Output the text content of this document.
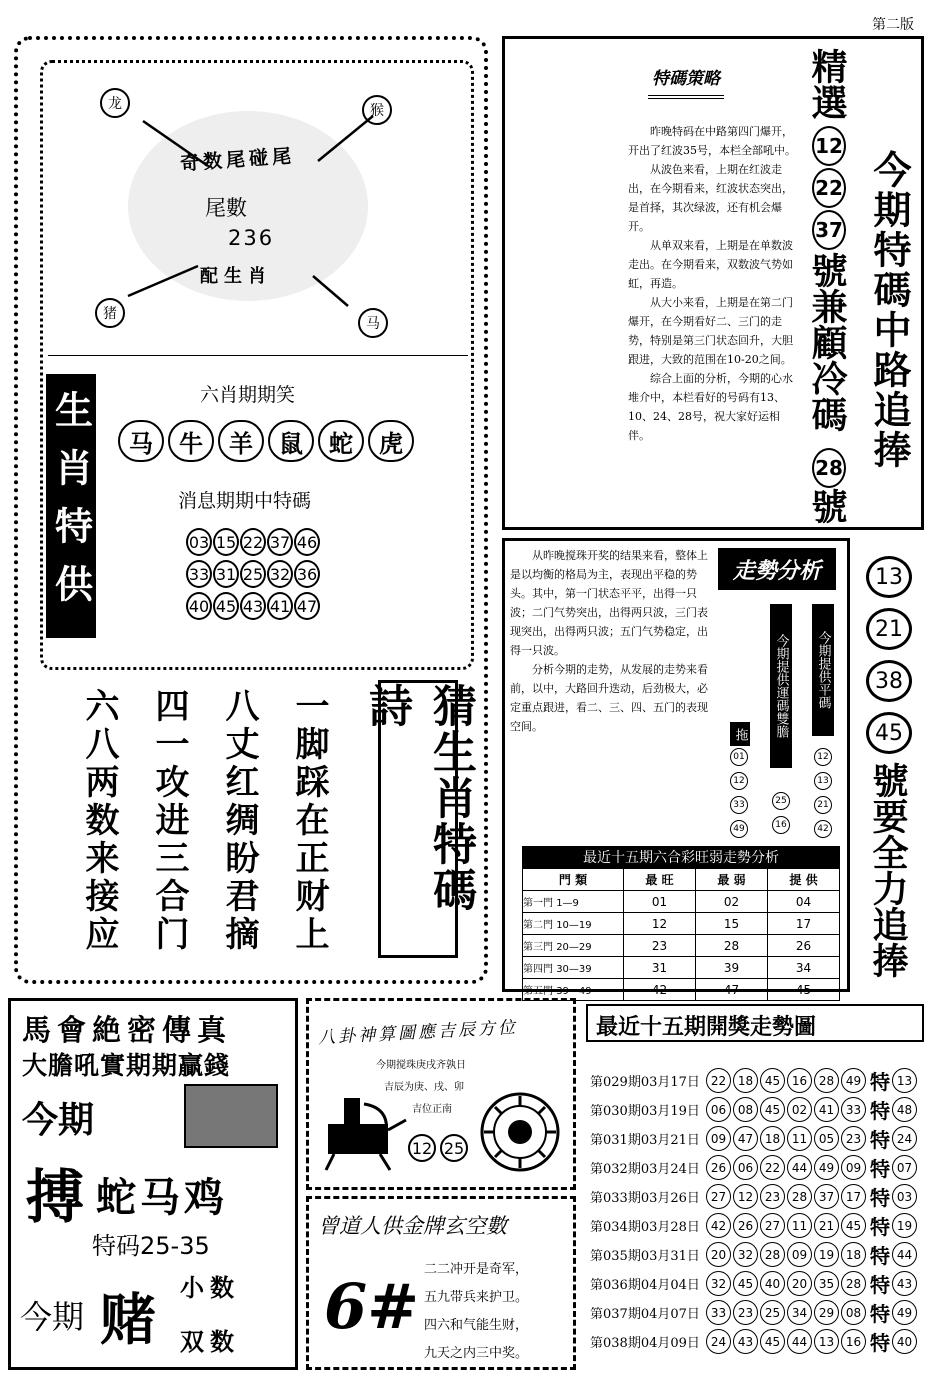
第二版
龙	猴
猪
马
奇数尾碰尾
尾數
236
配生肖
生肖特供	六肖期期笑
马	牛	羊	鼠	蛇	虎
消息期期中特碼
03 15 22 37 46
33 31 25 32 36
40 45 43 41 47
一脚踩在正财上
八丈红绸盼君摘
四一攻进三合门
六八两数来接应	猜生肖特碼詩
特碼策略

昨晚特码在中路第四门爆开，开出了红波35号，本栏全部吼中。

从波色来看，上期在红波走出，在今期看来，红波状态突出，是首择，其次绿波，还有机会爆开。

从单双来看，上期是在单数波走出。在今期看来，双数波气势如虹，再造。

从大小来看，上期是在第二门爆开，在今期看好二、三门的走势，特别是第三门状态回升，大胆跟进，大致的范围在10-20之间。

综合上面的分析，今期的心水堆介中，本栏看好的号码有13、10、24、28号，祝大家好运相伴。

精選
12
22
37
號兼顧冷碼
28
號
今期特碼中路追捧

从昨晚搅珠开奖的结果来看，整体上是以均衡的格局为主，表现出平稳的势头。其中，第一门状态平平，出得一只波；二门气势突出，出得两只波，三门表现突出，出得两只波；五门气势稳定，出得一只波。

分析今期的走势，从发展的走势来看前，以中，大路回升迭动，后劲极大，必定重点跟进，看二、三、四、五门的表现空间。

走勢分析
拖 今期提供運碼雙膽 今期提供平碼
01
12
33
49
25
16
12
13
21
42
最近十五期六合彩旺弱走勢分析
門 類	最 旺	最 弱	提 供
第一門 1—9	01	02	04
第二門 10—19	12	15	17
第三門 20—29	23	28	26
第四門 30—39	31	39	34
第五門 39—49	42	47	45
13
21
38
45
號要全力追捧
馬會絶密傳真
大膽吼實期期贏錢
今期
搏 蛇马鸡
特码25-35
今期 赌 小数
双数
八卦神算圖應吉辰方位
今期搅珠庚戌齐孰日
吉辰为庚、戌、卯
吉位正南
12 25
曾道人供金牌玄空數
6#
二二冲开是奇军，
五九带兵来护卫。
四六和气能生财，
九天之内三中奖。
最近十五期開獎走勢圖
第029期03月17日 22 18 45 16 28 49 特 13
第030期03月19日 06 08 45 02 41 33 特 48
第031期03月21日 09 47 18 11 05 23 特 24
第032期03月24日 26 06 22 44 49 09 特 07
第033期03月26日 27 12 23 28 37 17 特 03
第034期03月28日 42 26 27 11 21 45 特 19
第035期03月31日 20 32 28 09 19 18 特 44
第036期04月04日 32 45 40 20 35 28 特 43
第037期04月07日 33 23 25 34 29 08 特 49
第038期04月09日 24 43 45 44 13 16 特 40
